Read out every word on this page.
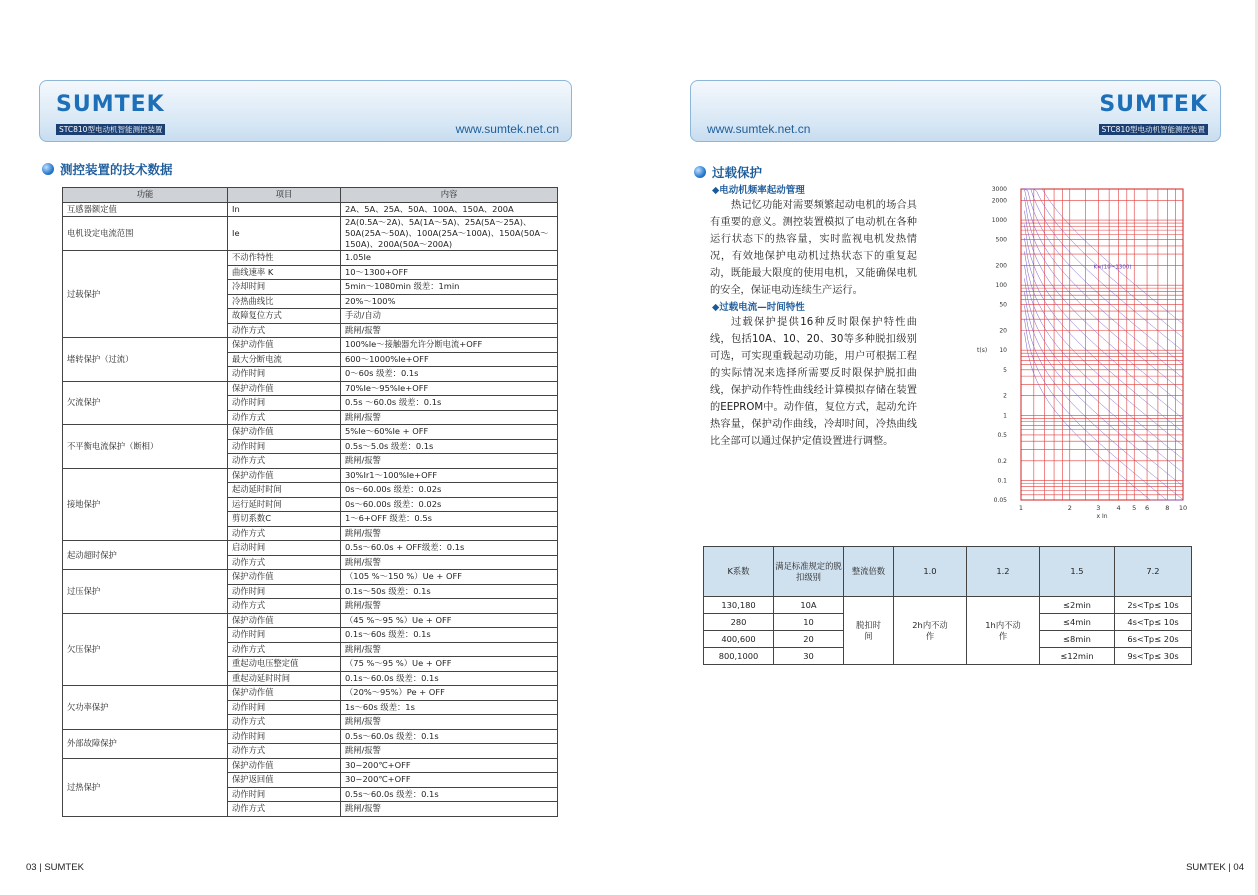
SUMTEK
STC810型电动机智能测控装置	www.sumtek.net.cn	www.sumtek.net.cn
SUMTEK
STC810型电动机智能测控装置
测控装置的技术数据
功能	项目	内容
互感器额定值	In	2A、5A、25A、50A、100A、150A、200A
电机设定电流范围	Ie	2A(0.5A～2A)、5A(1A～5A)、25A(5A～25A)、50A(25A～50A)、100A(25A～100A)、150A(50A～150A)、200A(50A～200A)
过载保护	不动作特性	1.05Ie
	曲线速率 K	10～1300+OFF
	冷却时间	5min～1080min 级差：1min
	冷热曲线比	20%～100%
	故障复位方式	手动/自动
	动作方式	跳闸/报警
堵转保护（过流）	保护动作值	100%Ie～接触器允许分断电流+OFF
	最大分断电流	600～1000%Ie+OFF
	动作时间	0～60s 级差：0.1s
欠流保护	保护动作值	70%Ie～95%Ie+OFF
	动作时间	0.5s ～60.0s 级差：0.1s
	动作方式	跳闸/报警
不平衡电流保护（断相）	保护动作值	5%Ie～60%Ie + OFF
	动作时间	0.5s～5.0s 级差：0.1s
	动作方式	跳闸/报警
接地保护	保护动作值	30%Ir1～100%Ie+OFF
	起动延时时间	0s～60.00s 级差：0.02s
	运行延时时间	0s～60.00s 级差：0.02s
	剪切系数C	1～6+OFF 级差：0.5s
	动作方式	跳闸/报警
起动超时保护	启动时间	0.5s～60.0s + OFF级差：0.1s
	动作方式	跳闸/报警
过压保护	保护动作值	（105 %～150 %）Ue + OFF
	动作时间	0.1s～50s 级差：0.1s
	动作方式	跳闸/报警
欠压保护	保护动作值	（45 %～95 %）Ue + OFF
	动作时间	0.1s～60s 级差：0.1s
	动作方式	跳闸/报警
	重起动电压整定值	（75 %～95 %）Ue + OFF
	重起动延时时间	0.1s～60.0s 级差：0.1s
欠功率保护	保护动作值	（20%～95%）Pe + OFF
	动作时间	1s～60s 级差：1s
	动作方式	跳闸/报警
外部故障保护	动作时间	0.5s～60.0s 级差：0.1s
	动作方式	跳闸/报警
过热保护	保护动作值	30~200℃+OFF
	保护返回值	30~200℃+OFF
	动作时间	0.5s～60.0s 级差：0.1s
	动作方式	跳闸/报警
过载保护
◆电动机频率起动管理
热记忆功能对需要频繁起动电机的场合具有重要的意义。测控装置模拟了电动机在各种运行状态下的热容量，实时监视电机发热情况，有效地保护电动机过热状态下的重复起动，既能最大限度的使用电机，又能确保电机的安全，保证电动连续生产运行。
◆过载电流—时间特性
过载保护提供16种反时限保护特性曲线，包括10A、10、20、30等多种脱扣级别可选，可实现重载起动功能，用户可根据工程的实际情况来选择所需要反时限保护脱扣曲线，保护动作特性曲线经计算模拟存储在装置的EEPROM中。动作值，复位方式，起动允许热容量，保护动作曲线，冷却时间，冷热曲线比全部可以通过保护定值设置进行调整。
3000
2000
1000
500
200
100
50
20
10
5
2
1
0.5
0.2
0.1
0.05
1	2	3 4 5 6 8 10
t(s)
x In
K=(10~1300)
K系数	满足标准规定的脱扣级别	整流倍数	1.0	1.2	1.5	7.2
130,180	10A	脱扣时间	2h内不动作	1h内不动作	≤2min	2s<Tp≤ 10s
280	10				≤4min	4s<Tp≤ 10s
400,600	20				≤8min	6s<Tp≤ 20s
800,1000	30				≤12min	9s<Tp≤ 30s
03 | SUMTEK	SUMTEK | 04
